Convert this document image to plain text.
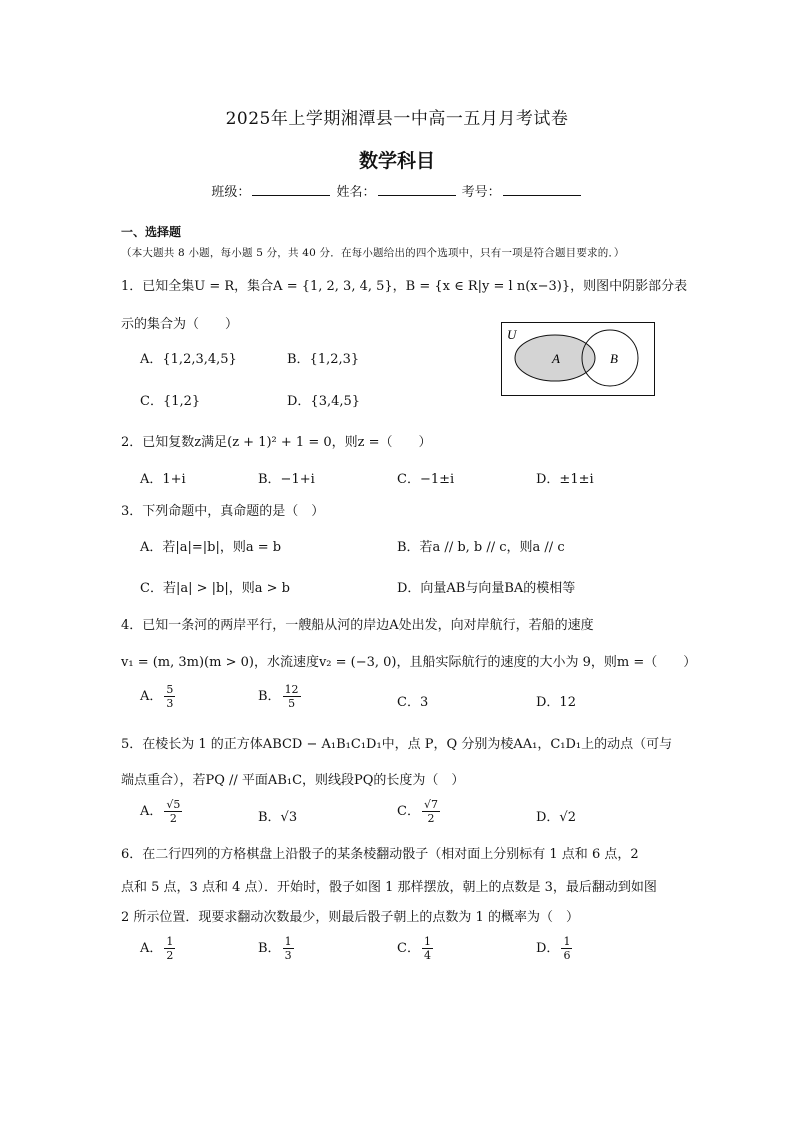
2025年上学期湘潭县一中高一五月月考试卷
数学科目
班级：	姓名：	考号：
一、选择题（本大题共 8 小题，每小题 5 分，共 40 分．在每小题给出的四个选项中，只有一项是符合题目要求的．）
1．已知全集U = R，集合A = {1, 2, 3, 4, 5}，B = {x ∈ R|y = l n(x−3)}，则图中阴影部分表
示的集合为（　　）
A．{1,2,3,4,5}	B．{1,2,3}
C．{1,2}	D．{3,4,5}
U
A	B
2．已知复数z满足(z + 1)² + 1 = 0，则z =（　　）
A．1+i	B．−1+i	C．−1±i	D．±1±i
3．下列命题中，真命题的是（　）
A．若|a|=|b|，则a = b	B．若a // b, b // c，则a // c
C．若|a| > |b|，则a > b	D．向量AB与向量BA的模相等
4．已知一条河的两岸平行，一艘船从河的岸边A处出发，向对岸航行，若船的速度
v₁ = (m, 3m)(m > 0)，水流速度v₂ = (−3, 0)，且船实际航行的速度的大小为 9，则m =（　　）
A． $\frac{5}{3}$	B． $\frac{12}{5}$	C．3	D．12
5．在棱长为 1 的正方体ABCD − A₁B₁C₁D₁中，点 P，Q 分别为棱AA₁，C₁D₁上的动点（可与
端点重合），若PQ // 平面AB₁C，则线段PQ的长度为（　）
A． $\frac{√5}{2}$	B．√3	C． $\frac{√7}{2}$	D．√2
6．在二行四列的方格棋盘上沿骰子的某条棱翻动骰子（相对面上分别标有 1 点和 6 点，2
点和 5 点，3 点和 4 点）．开始时，骰子如图 1 那样摆放，朝上的点数是 3，最后翻动到如图
2 所示位置．现要求翻动次数最少，则最后骰子朝上的点数为 1 的概率为（　）
A． $\frac{1}{2}$	B． $\frac{1}{3}$	C． $\frac{1}{4}$	D． $\frac{1}{6}$
